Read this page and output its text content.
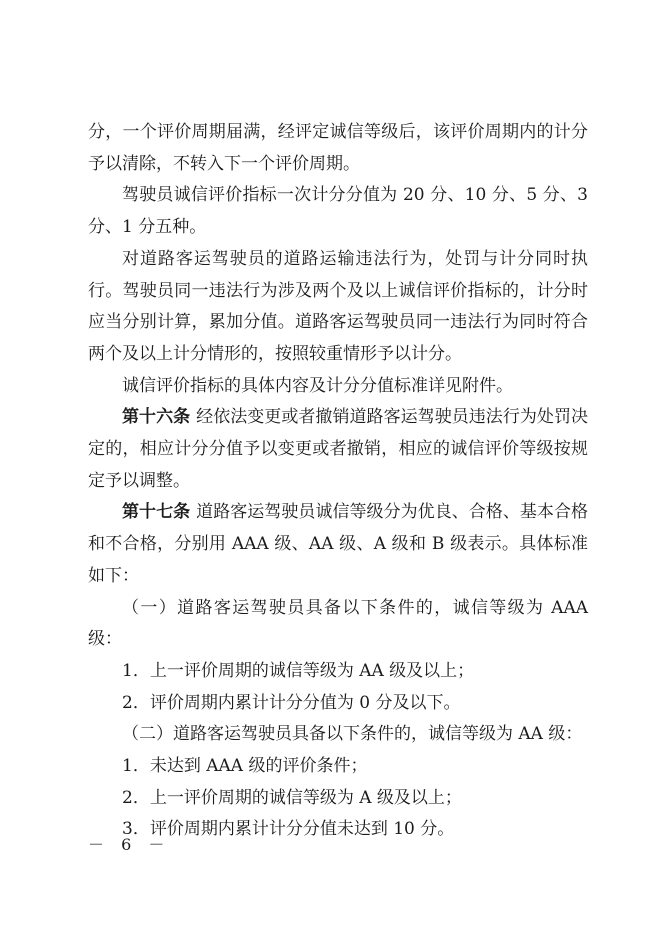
分，一个评价周期届满，经评定诚信等级后，该评价周期内的计分予以清除，不转入下一个评价周期。

驾驶员诚信评价指标一次计分分值为 20 分、10 分、5 分、3 分、1 分五种。

对道路客运驾驶员的道路运输违法行为，处罚与计分同时执行。驾驶员同一违法行为涉及两个及以上诚信评价指标的，计分时应当分别计算，累加分值。道路客运驾驶员同一违法行为同时符合两个及以上计分情形的，按照较重情形予以计分。

诚信评价指标的具体内容及计分分值标准详见附件。

第十六条 经依法变更或者撤销道路客运驾驶员违法行为处罚决定的，相应计分分值予以变更或者撤销，相应的诚信评价等级按规定予以调整。

第十七条 道路客运驾驶员诚信等级分为优良、合格、基本合格和不合格，分别用 AAA 级、AA 级、A 级和 B 级表示。具体标准如下：

（一）道路客运驾驶员具备以下条件的，诚信等级为 AAA 级：

1．上一评价周期的诚信等级为 AA 级及以上；

2．评价周期内累计计分分值为 0 分及以下。

（二）道路客运驾驶员具备以下条件的，诚信等级为 AA 级：

1．未达到 AAA 级的评价条件；

2．上一评价周期的诚信等级为 A 级及以上；

3．评价周期内累计计分分值未达到 10 分。

－ 6 －
